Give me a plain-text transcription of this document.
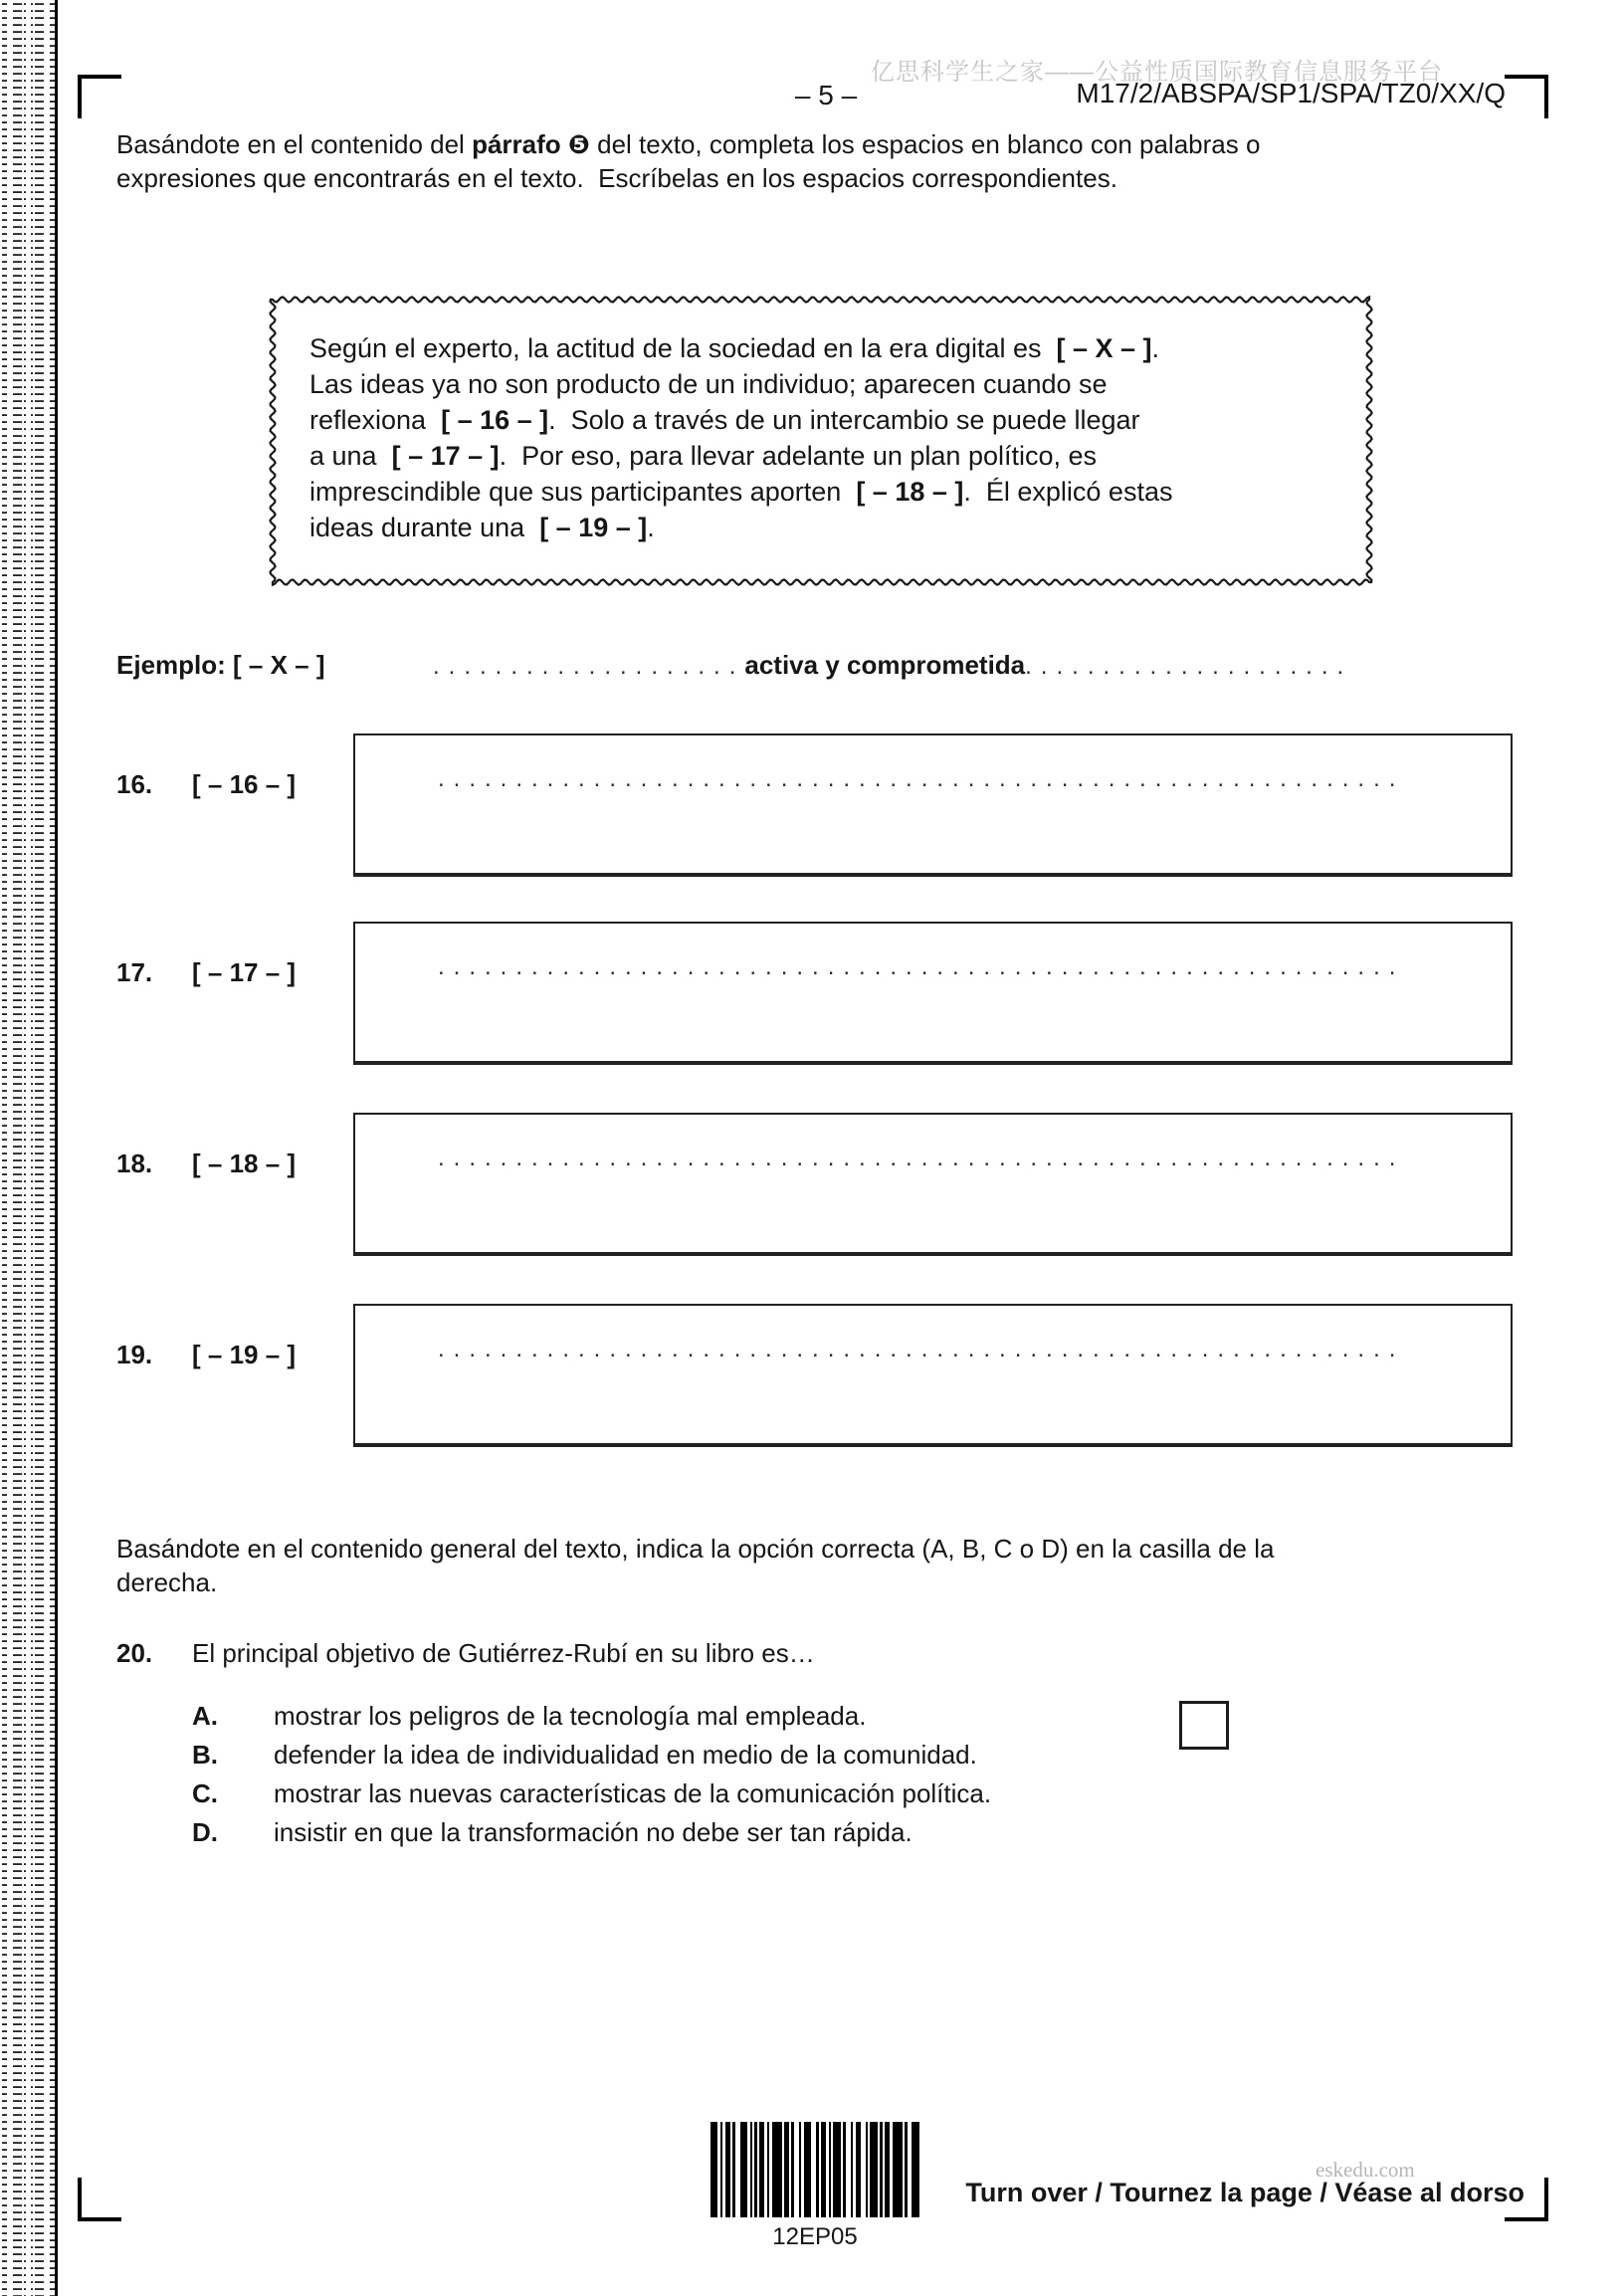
亿思科学生之家——公益性质国际教育信息服务平台
– 5 –	M17/2/ABSPA/SP1/SPA/TZ0/XX/Q
Basándote en el contenido del párrafo ❺ del texto, completa los espacios en blanco con palabras o
expresiones que encontrarás en el texto.  Escríbelas en los espacios correspondientes.
Según el experto, la actitud de la sociedad en la era digital es  [ – X – ].
Las ideas ya no son producto de un individuo; aparecen cuando se
reflexiona  [ – 16 – ].  Solo a través de un intercambio se puede llegar
a una  [ – 17 – ].  Por eso, para llevar adelante un plan político, es
imprescindible que sus participantes aporten  [ – 18 – ].  Él explicó estas
ideas durante una  [ – 19 – ].
Ejemplo: [ – X – ]	....................activa y comprometida.....................
16. [ – 16 – ]	..............................................................
17. [ – 17 – ]	..............................................................
18. [ – 18 – ]	..............................................................
19. [ – 19 – ]	..............................................................
Basándote en el contenido general del texto, indica la opción correcta (A, B, C o D) en la casilla de la
derecha.
20. El principal objetivo de Gutiérrez-Rubí en su libro es…
A. mostrar los peligros de la tecnología mal empleada.
B. defender la idea de individualidad en medio de la comunidad.
C. mostrar las nuevas características de la comunicación política.
D. insistir en que la transformación no debe ser tan rápida.
12EP05
eskedu.com
Turn over / Tournez la page / Véase al dorso
